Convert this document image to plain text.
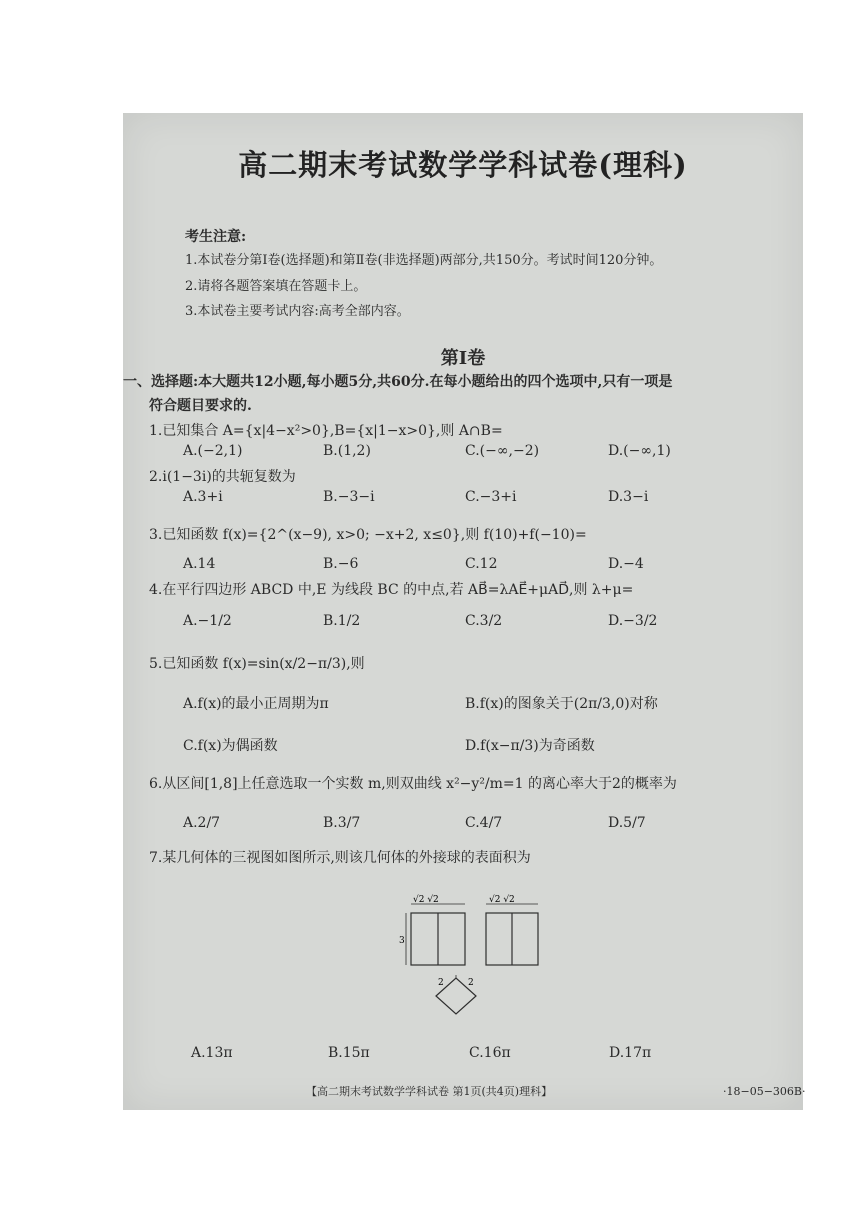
高二期末考试数学学科试卷(理科)
考生注意:
1.本试卷分第Ⅰ卷(选择题)和第Ⅱ卷(非选择题)两部分,共150分。考试时间120分钟。
2.请将各题答案填在答题卡上。
3.本试卷主要考试内容:高考全部内容。
第Ⅰ卷
一、选择题:本大题共12小题,每小题5分,共60分.在每小题给出的四个选项中,只有一项是
符合题目要求的.
1.已知集合 A={x|4−x²>0},B={x|1−x>0},则 A∩B=
A.(−2,1)	B.(1,2)	C.(−∞,−2)	D.(−∞,1)
2.i(1−3i)的共轭复数为
A.3+i	B.−3−i	C.−3+i	D.3−i
3.已知函数 f(x)={2^(x−9), x>0; −x+2, x≤0},则 f(10)+f(−10)=
A.14	B.−6	C.12	D.−4
4.在平行四边形 ABCD 中,E 为线段 BC 的中点,若 AB⃗=λAE⃗+μAD⃗,则 λ+μ=
A.−1/2	B.1/2	C.3/2	D.−3/2
5.已知函数 f(x)=sin(x/2−π/3),则
A.f(x)的最小正周期为π	B.f(x)的图象关于(2π/3,0)对称
C.f(x)为偶函数	D.f(x−π/3)为奇函数
6.从区间[1,8]上任意选取一个实数 m,则双曲线 x²−y²/m=1 的离心率大于2的概率为
A.2/7	B.3/7	C.4/7	D.5/7
7.某几何体的三视图如图所示,则该几何体的外接球的表面积为
√2 √2	√2 √2
3
2	2
A.13π	B.15π	C.16π	D.17π
【高二期末考试数学学科试卷 第1页(共4页)理科】	·18−05−306B·
